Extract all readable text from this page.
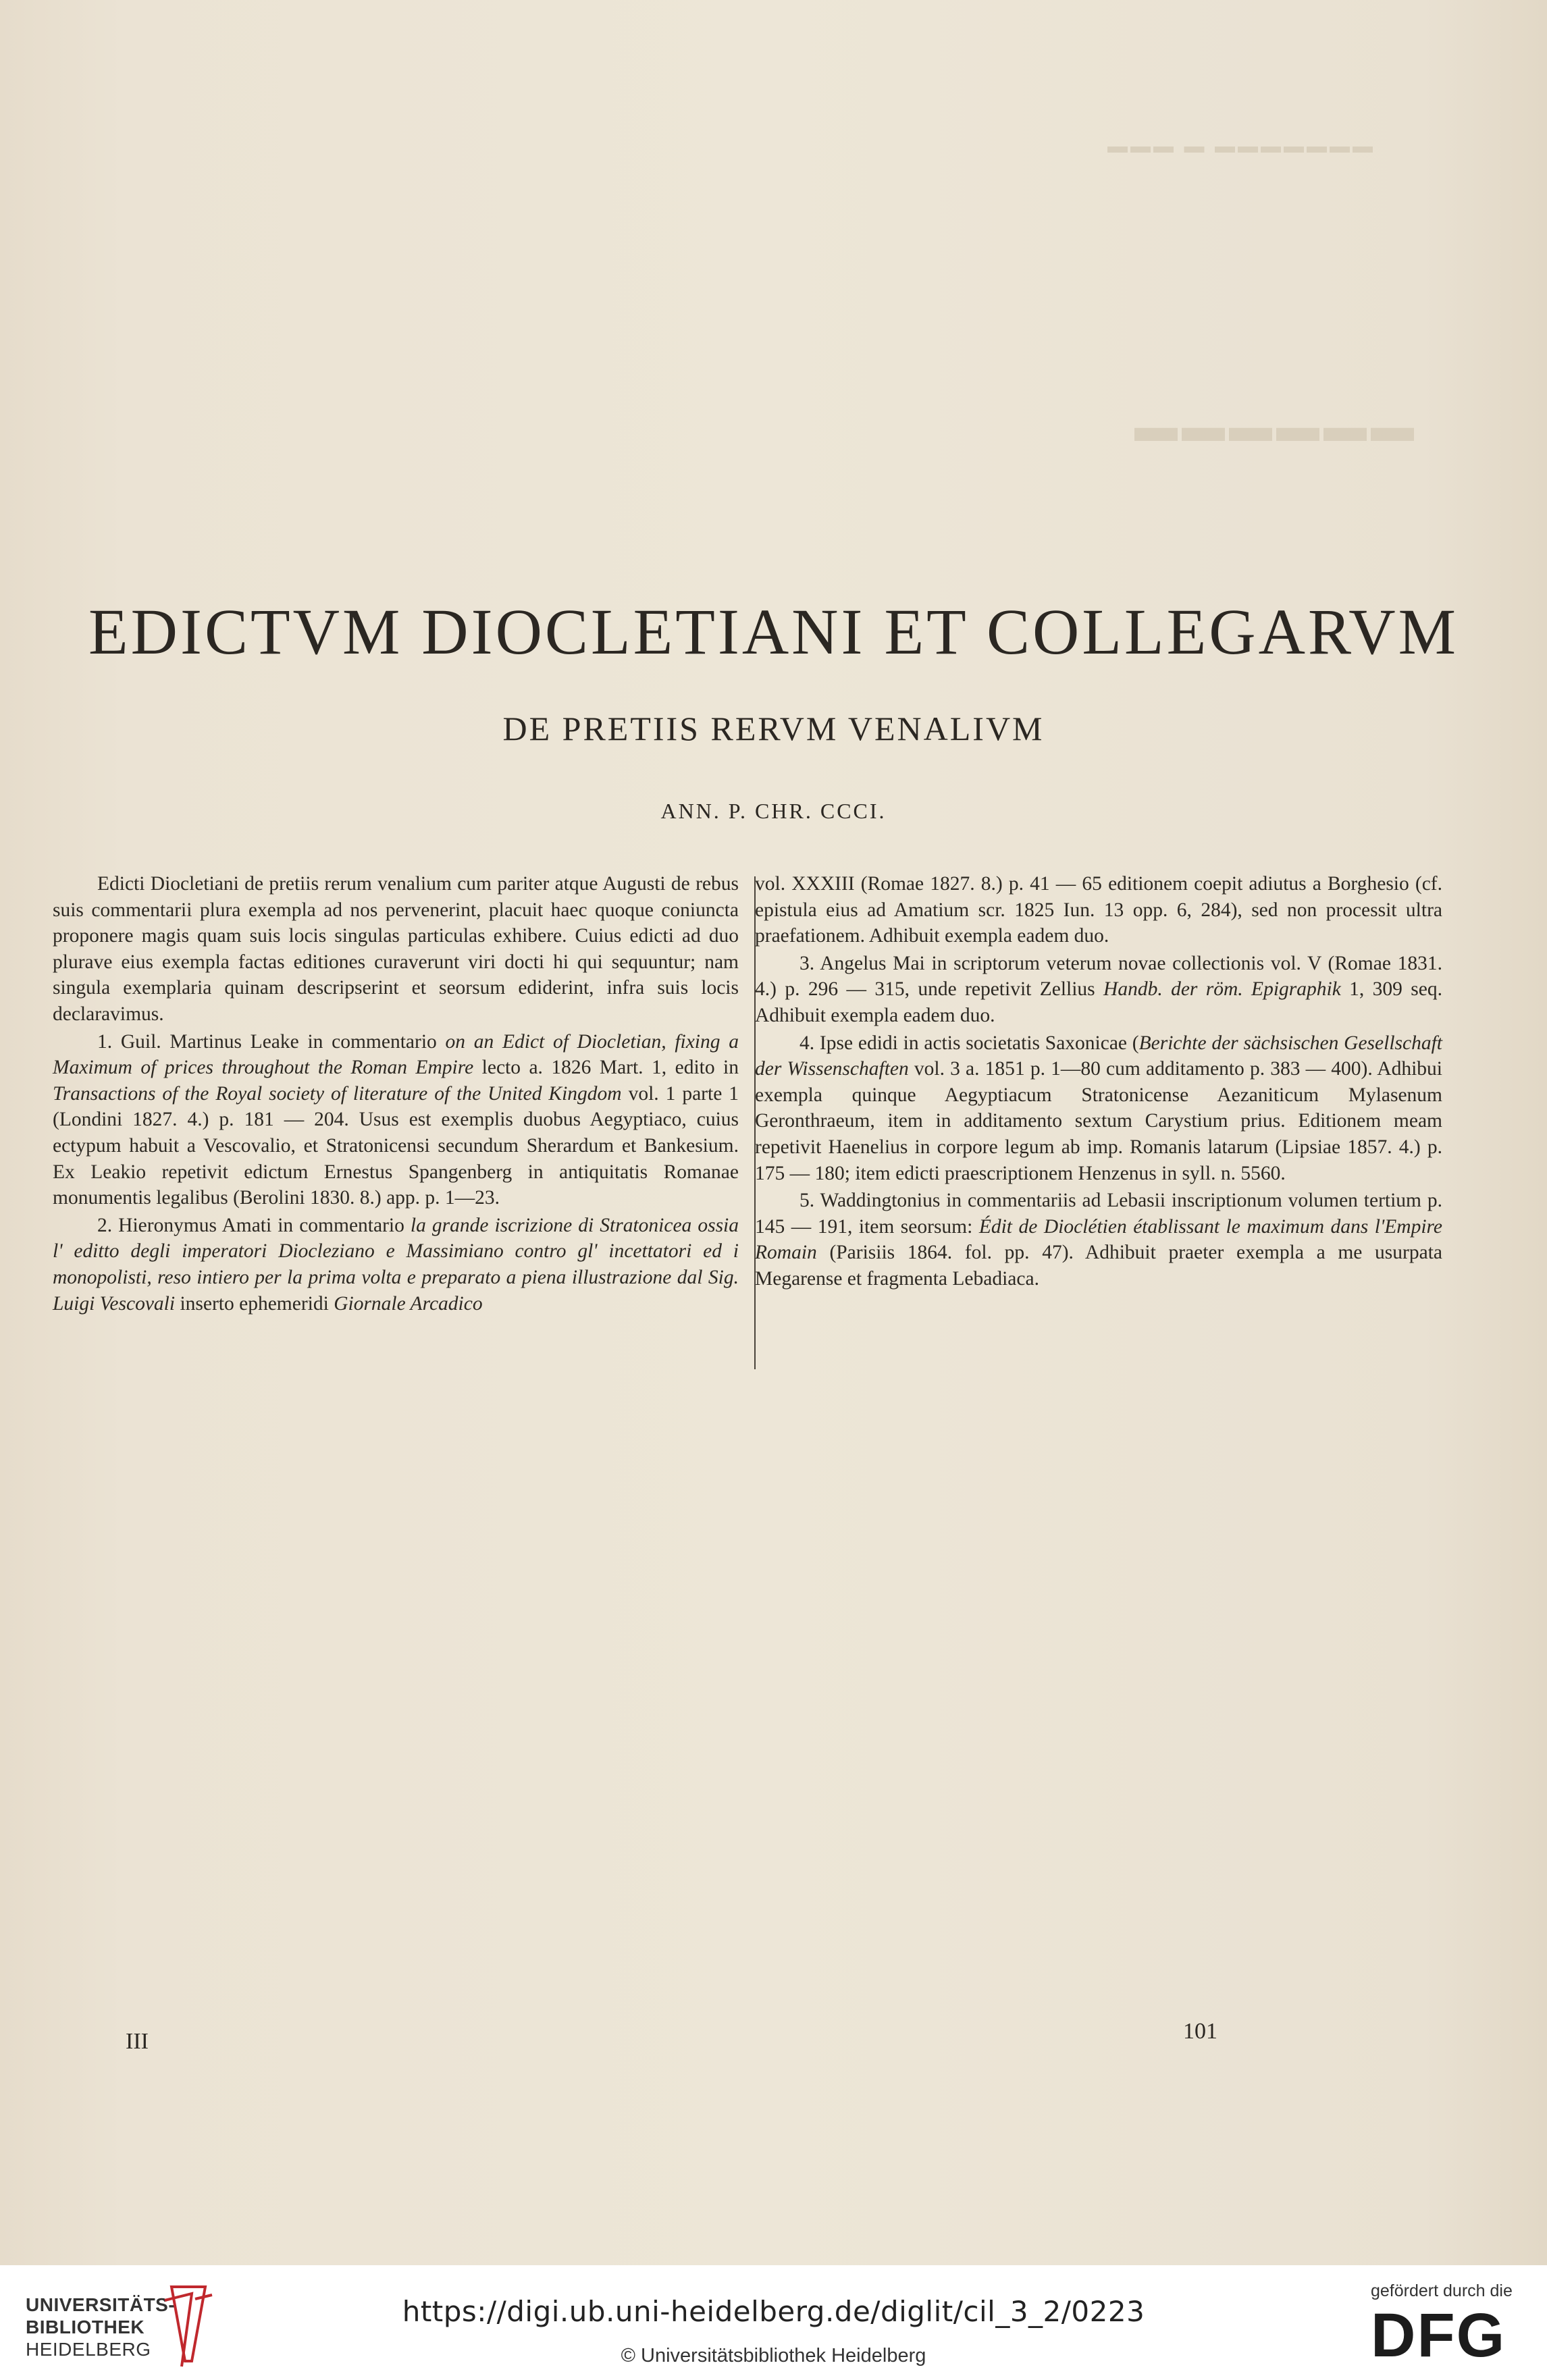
▬▬▬ ▬ ▬▬▬▬▬▬▬
▬▬▬▬▬▬
EDICTVM DIOCLETIANI ET COLLEGARVM
DE PRETIIS RERVM VENALIVM
ANN. P. CHR. CCCI.

Edicti Diocletiani de pretiis rerum venalium cum pariter atque Augusti de rebus suis commentarii plura exempla ad nos pervenerint, placuit haec quoque coniuncta proponere magis quam suis locis singulas particulas exhibere. Cuius edicti ad duo plurave eius exempla factas editiones curaverunt viri docti hi qui sequuntur; nam singula exemplaria quinam descripserint et seorsum ediderint, infra suis locis declaravimus.

1. Guil. Martinus Leake in commentario on an Edict of Diocletian, fixing a Maximum of prices throughout the Roman Empire lecto a. 1826 Mart. 1, edito in Transactions of the Royal society of literature of the United Kingdom vol. 1 parte 1 (Londini 1827. 4.) p. 181 — 204. Usus est exemplis duobus Aegyptiaco, cuius ectypum habuit a Vescovalio, et Stratonicensi secundum Sherardum et Bankesium. Ex Leakio repetivit edictum Ernestus Spangenberg in antiquitatis Romanae monumentis legalibus (Berolini 1830. 8.) app. p. 1—23.

2. Hieronymus Amati in commentario la grande iscrizione di Stratonicea ossia l' editto degli imperatori Diocleziano e Massimiano contro gl' incettatori ed i monopolisti, reso intiero per la prima volta e preparato a piena illustrazione dal Sig. Luigi Vescovali inserto ephemeridi Giornale Arcadico

vol. XXXIII (Romae 1827. 8.) p. 41 — 65 editionem coepit adiutus a Borghesio (cf. epistula eius ad Amatium scr. 1825 Iun. 13 opp. 6, 284), sed non processit ultra praefationem. Adhibuit exempla eadem duo.

3. Angelus Mai in scriptorum veterum novae collectionis vol. V (Romae 1831. 4.) p. 296 — 315, unde repetivit Zellius Handb. der röm. Epigraphik 1, 309 seq. Adhibuit exempla eadem duo.

4. Ipse edidi in actis societatis Saxonicae (Berichte der sächsischen Gesellschaft der Wissenschaften vol. 3 a. 1851 p. 1—80 cum additamento p. 383 — 400). Adhibui exempla quinque Aegyptiacum Stratonicense Aezaniticum Mylasenum Geronthraeum, item in additamento sextum Carystium prius. Editionem meam repetivit Haenelius in corpore legum ab imp. Romanis latarum (Lipsiae 1857. 4.) p. 175 — 180; item edicti praescriptionem Henzenus in syll. n. 5560.

5. Waddingtonius in commentariis ad Lebasii inscriptionum volumen tertium p. 145 — 191, item seorsum: Édit de Dioclétien établissant le maximum dans l'Empire Romain (Parisiis 1864. fol. pp. 47). Adhibuit praeter exempla a me usurpata Megarense et fragmenta Lebadiaca.

III	101
UNIVERSITÄTS-
BIBLIOTHEK
HEIDELBERG
https://digi.ub.uni-heidelberg.de/diglit/cil_3_2/0223
© Universitätsbibliothek Heidelberg
gefördert durch die
DFG
